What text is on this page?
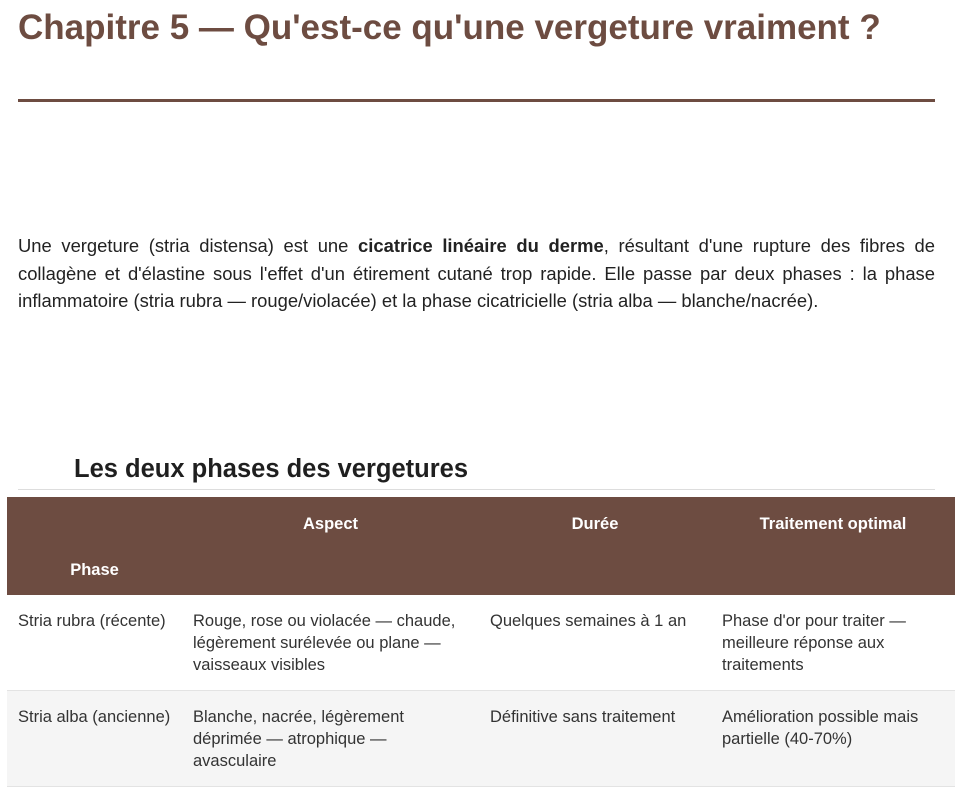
Chapitre 5 — Qu'est-ce qu'une vergeture vraiment ?

Une vergeture (stria distensa) est une cicatrice linéaire du derme, résultant d'une rupture des fibres de collagène et d'élastine sous l'effet d'un étirement cutané trop rapide. Elle passe par deux phases : la phase inflammatoire (stria rubra — rouge/violacée) et la phase cicatricielle (stria alba — blanche/nacrée).

Les deux phases des vergetures
Phase	Aspect	Durée	Traitement optimal

Stria rubra (récente)	Rouge, rose ou violacée — chaude, légèrement surélevée ou plane — vaisseaux visibles	Quelques semaines à 1 an	Phase d'or pour traiter — meilleure réponse aux traitements
Stria alba (ancienne)	Blanche, nacrée, légèrement déprimée — atrophique — avasculaire	Définitive sans traitement	Amélioration possible mais partielle (40-70%)
